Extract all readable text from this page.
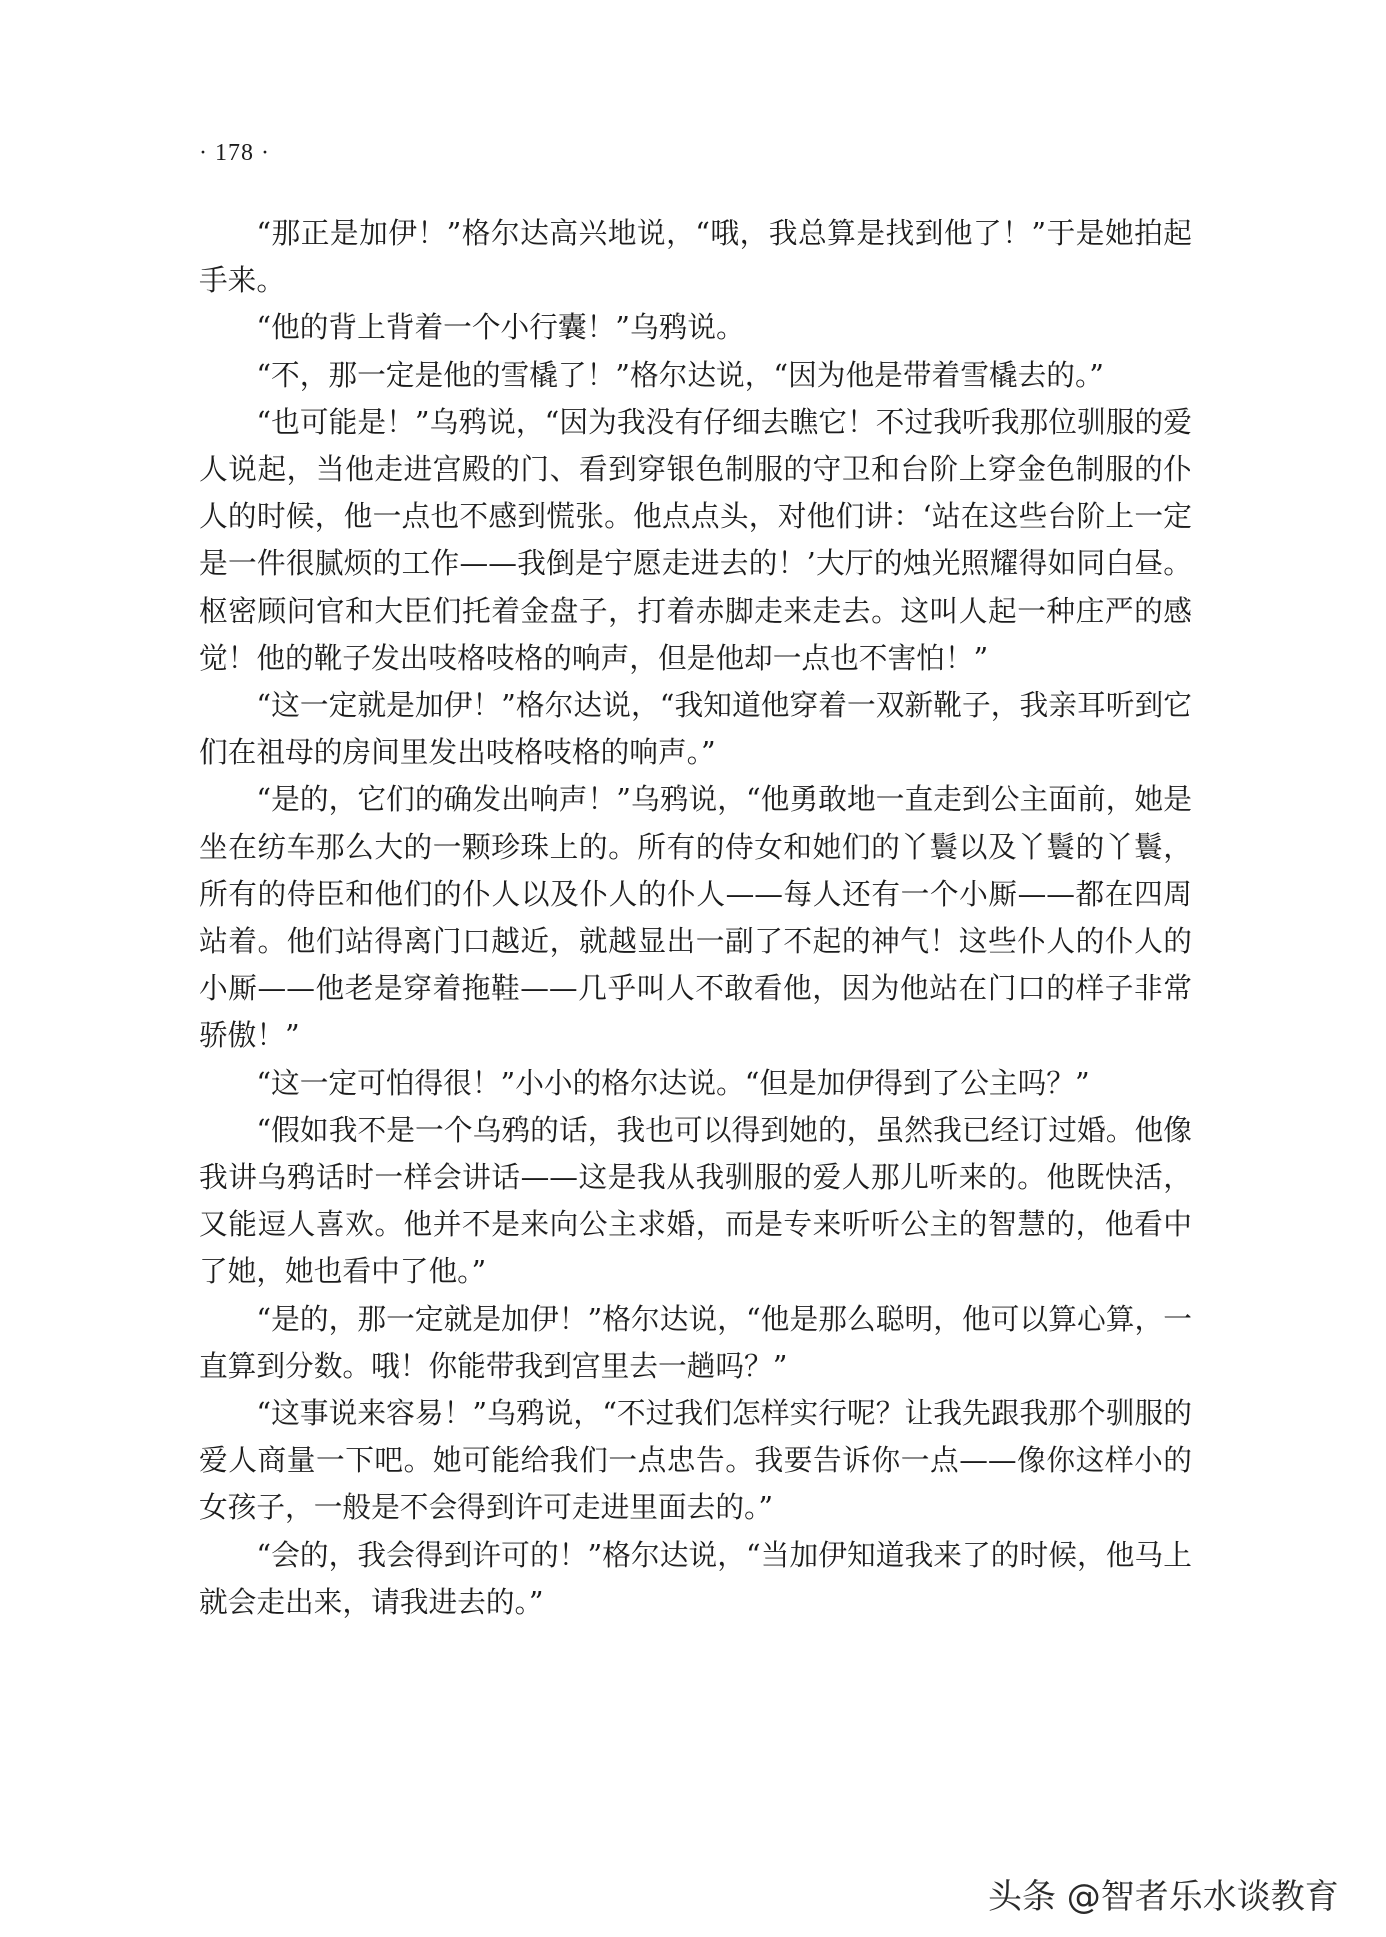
· 178 ·

“那正是加伊！”格尔达高兴地说，“哦，我总算是找到他了！”于是她拍起手来。

“他的背上背着一个小行囊！”乌鸦说。

“不，那一定是他的雪橇了！”格尔达说，“因为他是带着雪橇去的。”

“也可能是！”乌鸦说，“因为我没有仔细去瞧它！不过我听我那位驯服的爱人说起，当他走进宫殿的门、看到穿银色制服的守卫和台阶上穿金色制服的仆人的时候，他一点也不感到慌张。他点点头，对他们讲：‘站在这些台阶上一定是一件很腻烦的工作——我倒是宁愿走进去的！’大厅的烛光照耀得如同白昼。枢密顾问官和大臣们托着金盘子，打着赤脚走来走去。这叫人起一种庄严的感觉！他的靴子发出吱格吱格的响声，但是他却一点也不害怕！”

“这一定就是加伊！”格尔达说，“我知道他穿着一双新靴子，我亲耳听到它们在祖母的房间里发出吱格吱格的响声。”

“是的，它们的确发出响声！”乌鸦说，“他勇敢地一直走到公主面前，她是坐在纺车那么大的一颗珍珠上的。所有的侍女和她们的丫鬟以及丫鬟的丫鬟，所有的侍臣和他们的仆人以及仆人的仆人——每人还有一个小厮——都在四周站着。他们站得离门口越近，就越显出一副了不起的神气！这些仆人的仆人的小厮——他老是穿着拖鞋——几乎叫人不敢看他，因为他站在门口的样子非常骄傲！”

“这一定可怕得很！”小小的格尔达说。“但是加伊得到了公主吗？”

“假如我不是一个乌鸦的话，我也可以得到她的，虽然我已经订过婚。他像我讲乌鸦话时一样会讲话——这是我从我驯服的爱人那儿听来的。他既快活，又能逗人喜欢。他并不是来向公主求婚，而是专来听听公主的智慧的，他看中了她，她也看中了他。”

“是的，那一定就是加伊！”格尔达说，“他是那么聪明，他可以算心算，一直算到分数。哦！你能带我到宫里去一趟吗？”

“这事说来容易！”乌鸦说，“不过我们怎样实行呢？让我先跟我那个驯服的爱人商量一下吧。她可能给我们一点忠告。我要告诉你一点——像你这样小的女孩子，一般是不会得到许可走进里面去的。”

“会的，我会得到许可的！”格尔达说，“当加伊知道我来了的时候，他马上就会走出来，请我进去的。”

头条 @智者乐水谈教育
